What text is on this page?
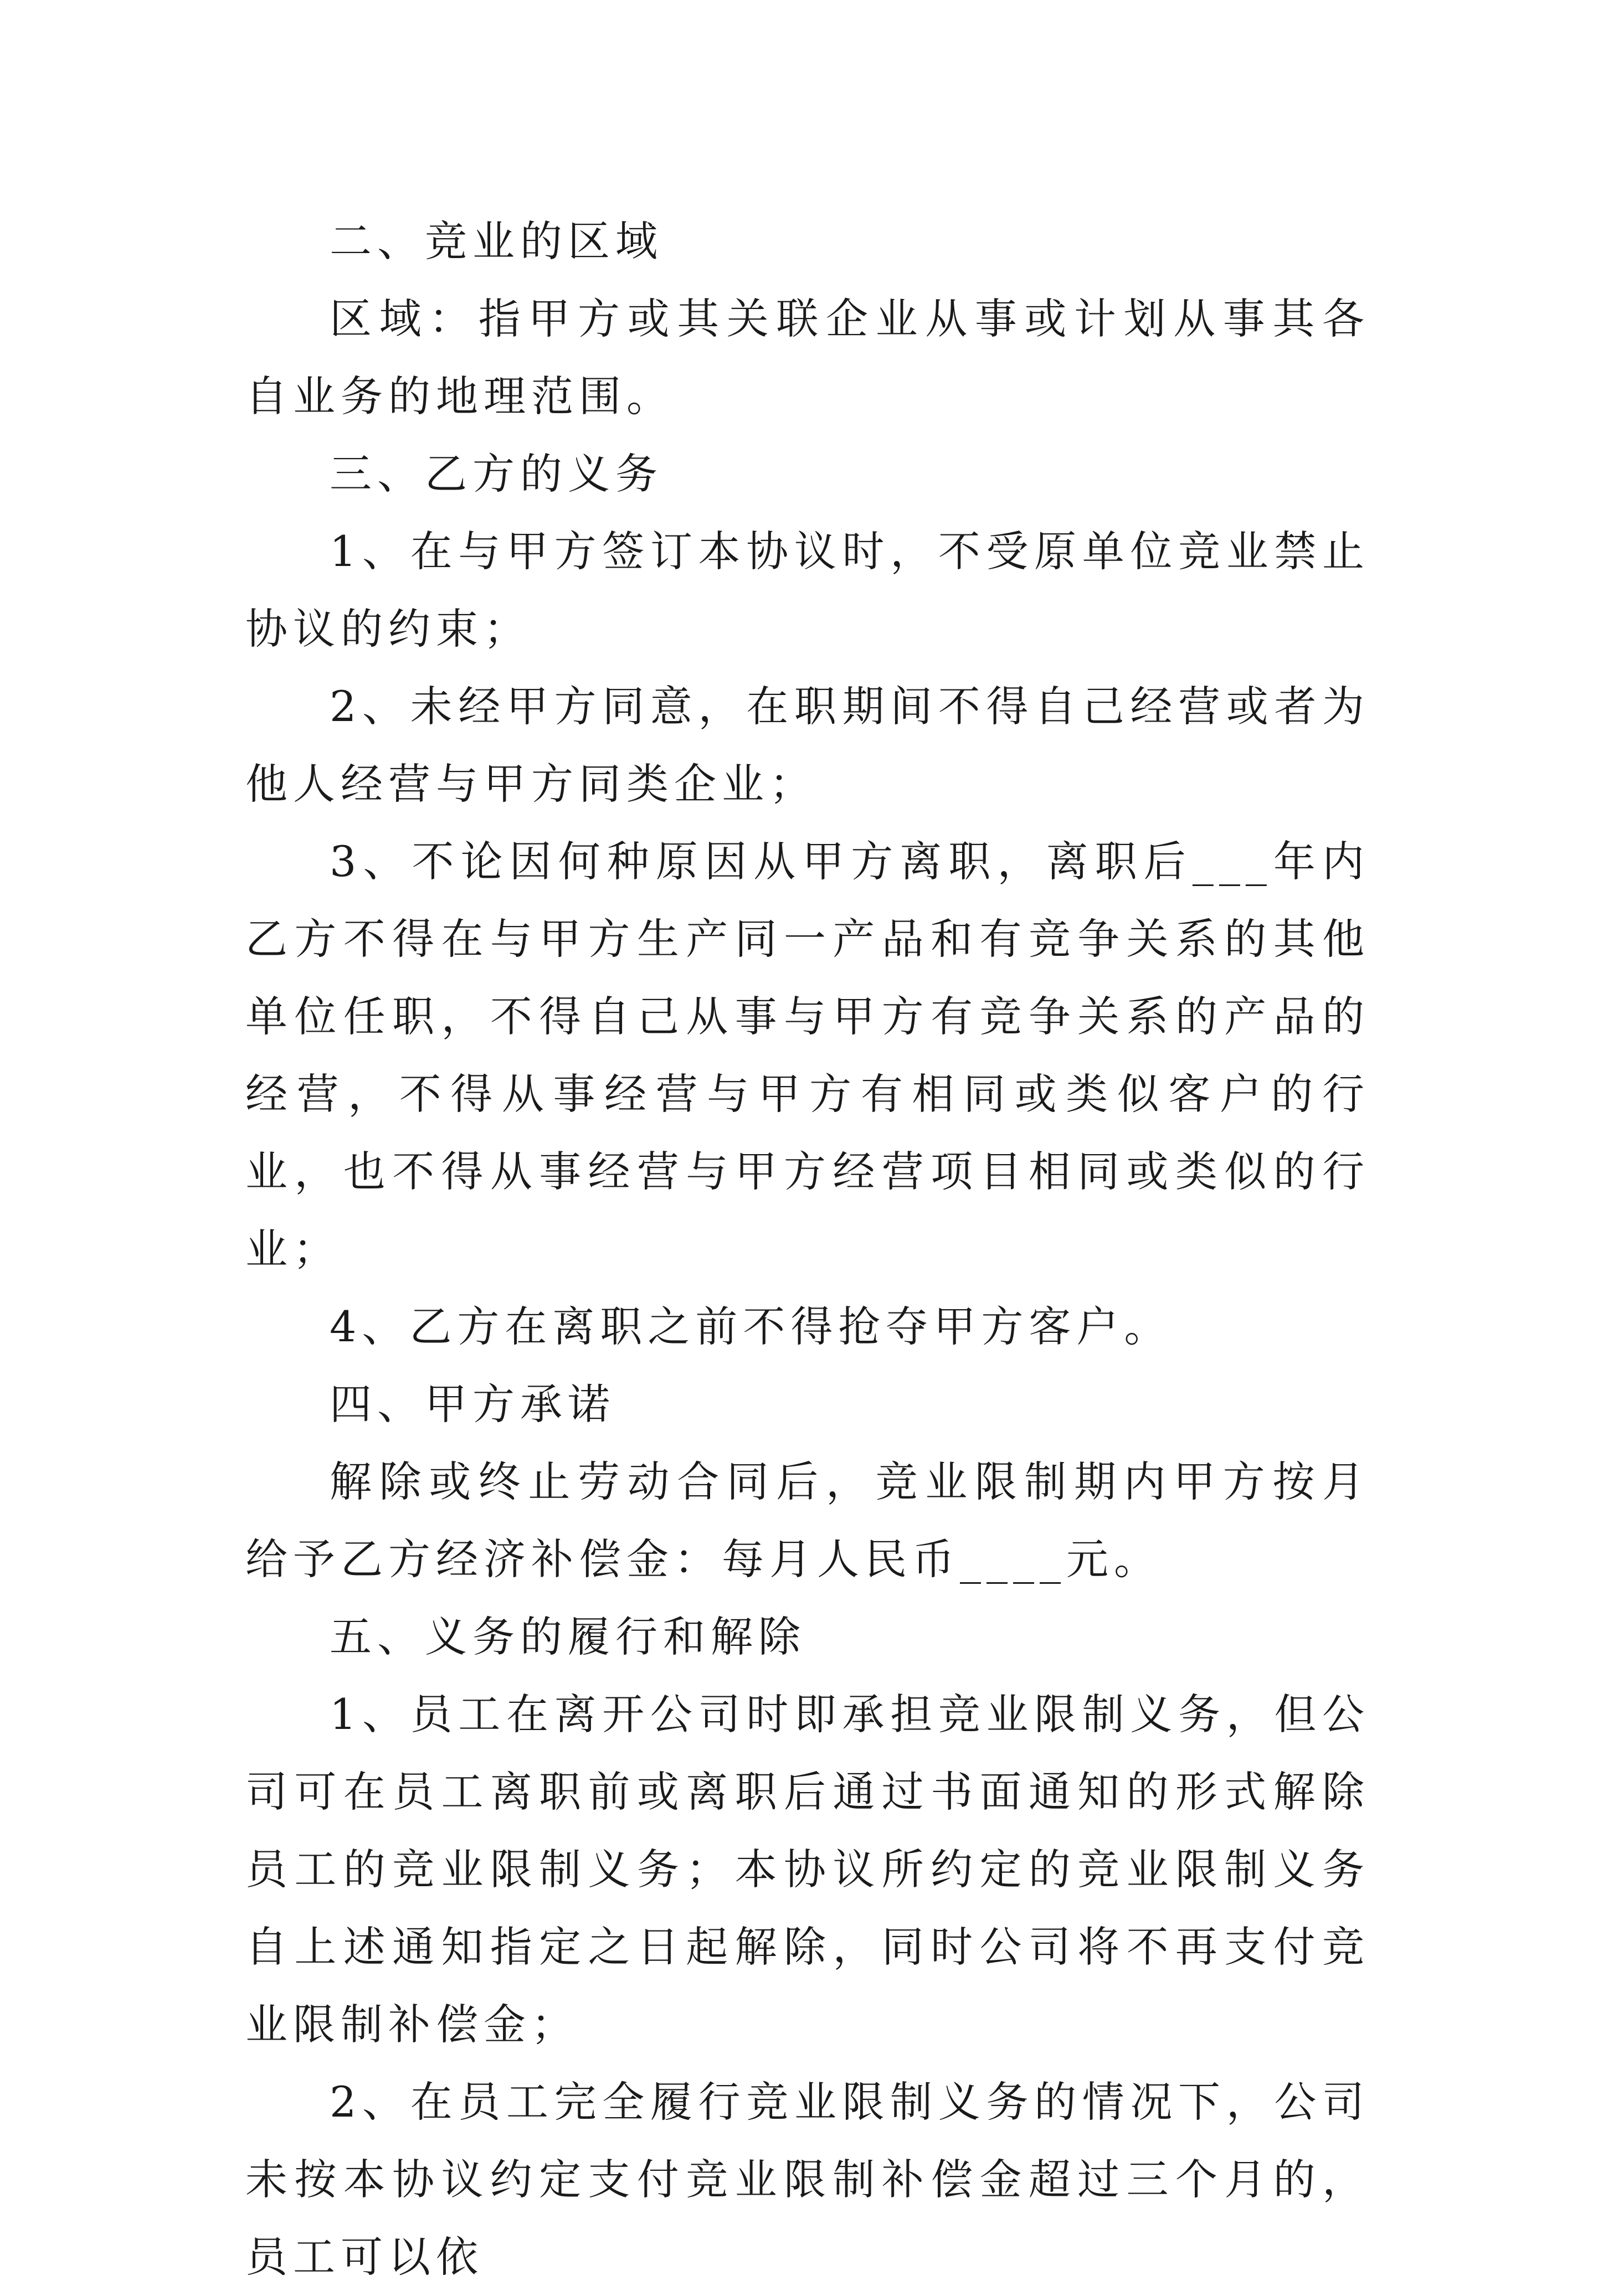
二、竞业的区域

区域：指甲方或其关联企业从事或计划从事其各自业务的地理范围。

三、乙方的义务

1、在与甲方签订本协议时，不受原单位竞业禁止协议的约束；

2、未经甲方同意，在职期间不得自己经营或者为他人经营与甲方同类企业；

3、不论因何种原因从甲方离职，离职后___年内乙方不得在与甲方生产同一产品和有竞争关系的其他单位任职，不得自己从事与甲方有竞争关系的产品的经营，不得从事经营与甲方有相同或类似客户的行业，也不得从事经营与甲方经营项目相同或类似的行业；

4、乙方在离职之前不得抢夺甲方客户。

四、甲方承诺

解除或终止劳动合同后，竞业限制期内甲方按月给予乙方经济补偿金：每月人民币____元。

五、义务的履行和解除

1、员工在离开公司时即承担竞业限制义务，但公司可在员工离职前或离职后通过书面通知的形式解除员工的竞业限制义务；本协议所约定的竞业限制义务自上述通知指定之日起解除，同时公司将不再支付竞业限制补偿金；

2、在员工完全履行竞业限制义务的情况下，公司未按本协议约定支付竞业限制补偿金超过三个月的，员工可以依
